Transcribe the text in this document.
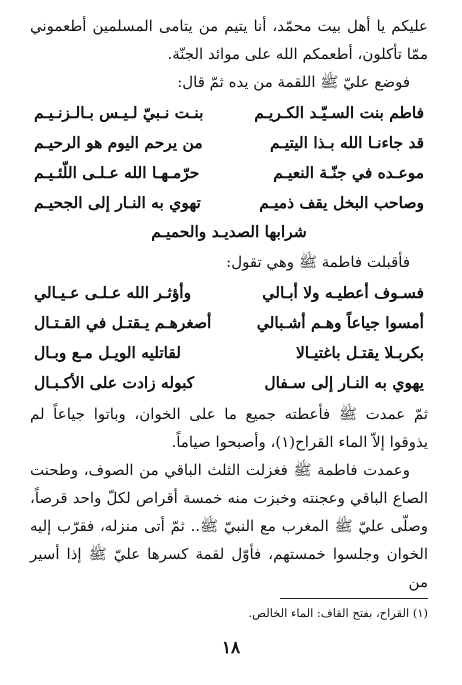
عليكم يا أهل بيت محمّد، أنا يتيم من يتامى المسلمين أطعموني ممّا تأكلون، أطعمكم الله على موائد الجنّة.

فوضع عليّ ﷺ اللقمة من يده ثمّ قال:

فاطم بنت السـيّـد الكـريـم
بنـت نـبيّ لـيـس بـالـزنـيـم
قد جاءنـا الله بـذا اليتيـم
من يرحم اليوم هو الرحيـم
موعـده في جنّـة النعيـم
حرّمـهـا الله عـلـى اللّئـيـم
وصاحب البخل يقف ذميـم
تهوي به النـار إلى الجحيـم

شرابها الصديـد والحميـم

فأقبلت فاطمة ﷺ وهي تقول:

فسـوف أعطيـه ولا أبـالي
وأؤثـر الله عـلـى عـيـالي
أمسوا جياعاً وهـم أشـبالي
أصغرهـم يـقتـل في القـتـال
بكربـلا يقتـل باغتيـالا
لقاتليه الويـل مـع وبـال
يهوي به النـار إلى سـفال
كبوله زادت على الأكـبـال

ثمّ عمدت ﷺ فأعطته جميع ما على الخوان، وباتوا جياعاً لم يذوقوا إلاّ الماء القراح(١)، وأصبحوا صياماً.

وعمدت فاطمة ﷺ فغزلت الثلث الباقي من الصوف، وطحنت الصاع الباقي وعجنته وخبزت منه خمسة أقراص لكلّ واحد قرصاً، وصلّى عليّ ﷺ المغرب مع النبيّ ﷺ.. ثمّ أتى منزله، فقرّب إليه الخوان وجلسوا خمستهم، فأوّل لقمة كسرها عليّ ﷺ إذا أسير من

(١) القراح، بفتح القاف: الماء الخالص.

١٨
